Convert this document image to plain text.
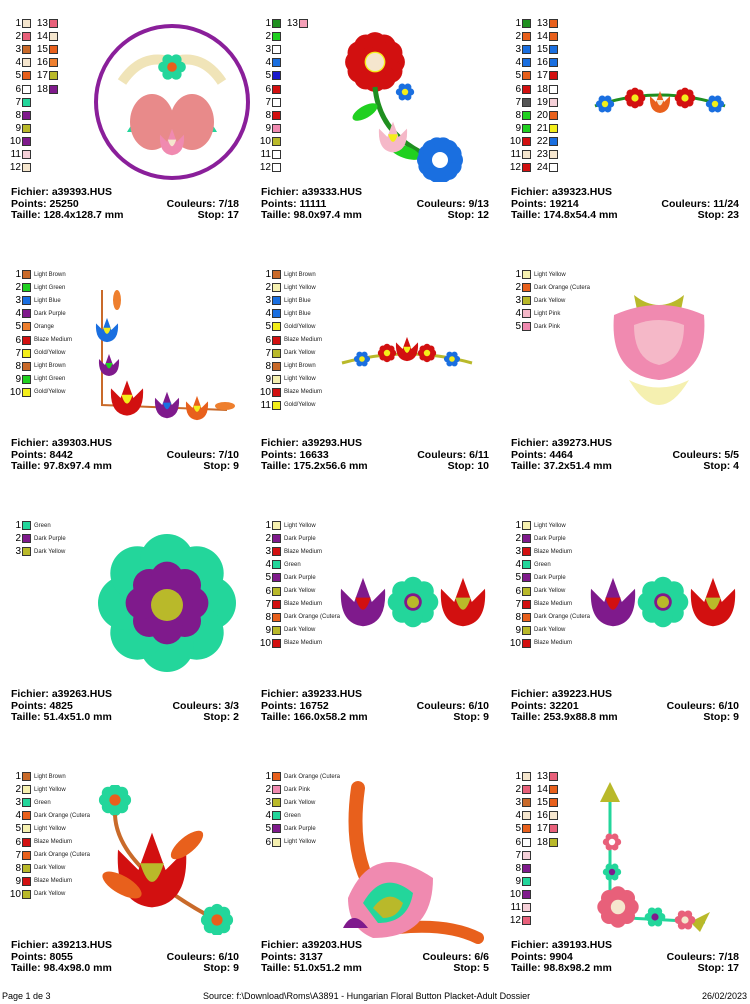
1
2
3
4
5
6
7
8
9
10
11
12
13
14
15
16
17
18
Fichier: a39393.HUS
Points: 25250	Couleurs: 7/18
Taille: 128.4x128.7 mm	Stop: 17
1
2
3
4
5
6
7
8
9
10
11
12
13
Fichier: a39333.HUS
Points: 11111	Couleurs: 9/13
Taille: 98.0x97.4 mm	Stop: 12
1
2
3
4
5
6
7
8
9
10
11
12
13
14
15
16
17
18
19
20
21
22
23
24
Fichier: a39323.HUS
Points: 19214	Couleurs: 11/24
Taille: 174.8x54.4 mm	Stop: 23
1 Light Brown
2 Light Green
3 Light Blue
4 Dark Purple
5 Orange
6 Blaze Medium
7 Gold/Yellow
8 Light Brown
9 Light Green
10 Gold/Yellow
Fichier: a39303.HUS
Points: 8442	Couleurs: 7/10
Taille: 97.8x97.4 mm	Stop: 9
1 Light Brown
2 Light Yellow
3 Light Blue
4 Light Blue
5 Gold/Yellow
6 Blaze Medium
7 Dark Yellow
8 Light Brown
9 Light Yellow
10 Blaze Medium
11 Gold/Yellow
Fichier: a39293.HUS
Points: 16633	Couleurs: 6/11
Taille: 175.2x56.6 mm	Stop: 10
1 Light Yellow
2 Dark Orange (Cutera
3 Dark Yellow
4 Light Pink
5 Dark Pink
Fichier: a39273.HUS
Points: 4464	Couleurs: 5/5
Taille: 37.2x51.4 mm	Stop: 4
1 Green
2 Dark Purple
3 Dark Yellow
Fichier: a39263.HUS
Points: 4825	Couleurs: 3/3
Taille: 51.4x51.0 mm	Stop: 2
1 Light Yellow
2 Dark Purple
3 Blaze Medium
4 Green
5 Dark Purple
6 Dark Yellow
7 Blaze Medium
8 Dark Orange (Cutera
9 Dark Yellow
10 Blaze Medium
Fichier: a39233.HUS
Points: 16752	Couleurs: 6/10
Taille: 166.0x58.2 mm	Stop: 9
1 Light Yellow
2 Dark Purple
3 Blaze Medium
4 Green
5 Dark Purple
6 Dark Yellow
7 Blaze Medium
8 Dark Orange (Cutera
9 Dark Yellow
10 Blaze Medium
Fichier: a39223.HUS
Points: 32201	Couleurs: 6/10
Taille: 253.9x88.8 mm	Stop: 9
1 Light Brown
2 Light Yellow
3 Green
4 Dark Orange (Cutera
5 Light Yellow
6 Blaze Medium
7 Dark Orange (Cutera
8 Dark Yellow
9 Blaze Medium
10 Dark Yellow
Fichier: a39213.HUS
Points: 8055	Couleurs: 6/10
Taille: 98.4x98.0 mm	Stop: 9
1 Dark Orange (Cutera
2 Dark Pink
3 Dark Yellow
4 Green
5 Dark Purple
6 Light Yellow
Fichier: a39203.HUS
Points: 3137	Couleurs: 6/6
Taille: 51.0x51.2 mm	Stop: 5
1
2
3
4
5
6
7
8
9
10
11
12
13
14
15
16
17
18
Fichier: a39193.HUS
Points: 9904	Couleurs: 7/18
Taille: 98.8x98.2 mm	Stop: 17
Page 1 de 3	Source: f:\Download\Roms\A3891 - Hungarian Floral Button Placket-Adult Dossier	26/02/2023
